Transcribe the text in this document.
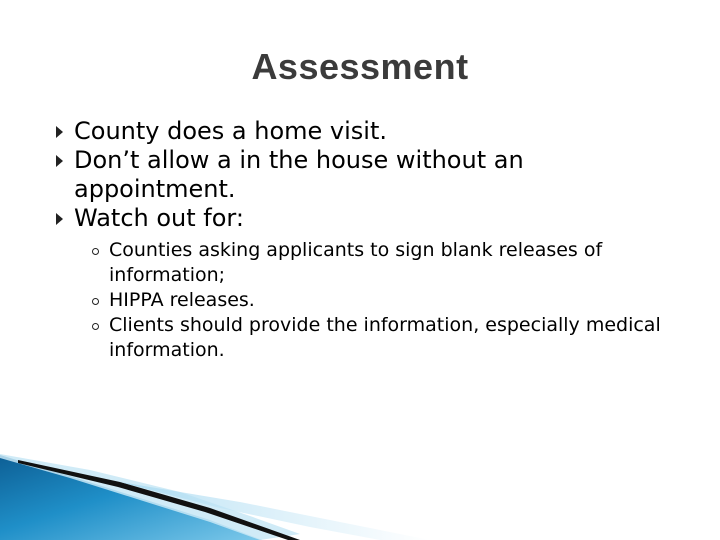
Assessment
County does a home visit.
Don’t allow a in the house without an appointment.
Watch out for:
Counties asking applicants to sign blank releases of information;
HIPPA releases.
Clients should provide the information, especially medical information.
